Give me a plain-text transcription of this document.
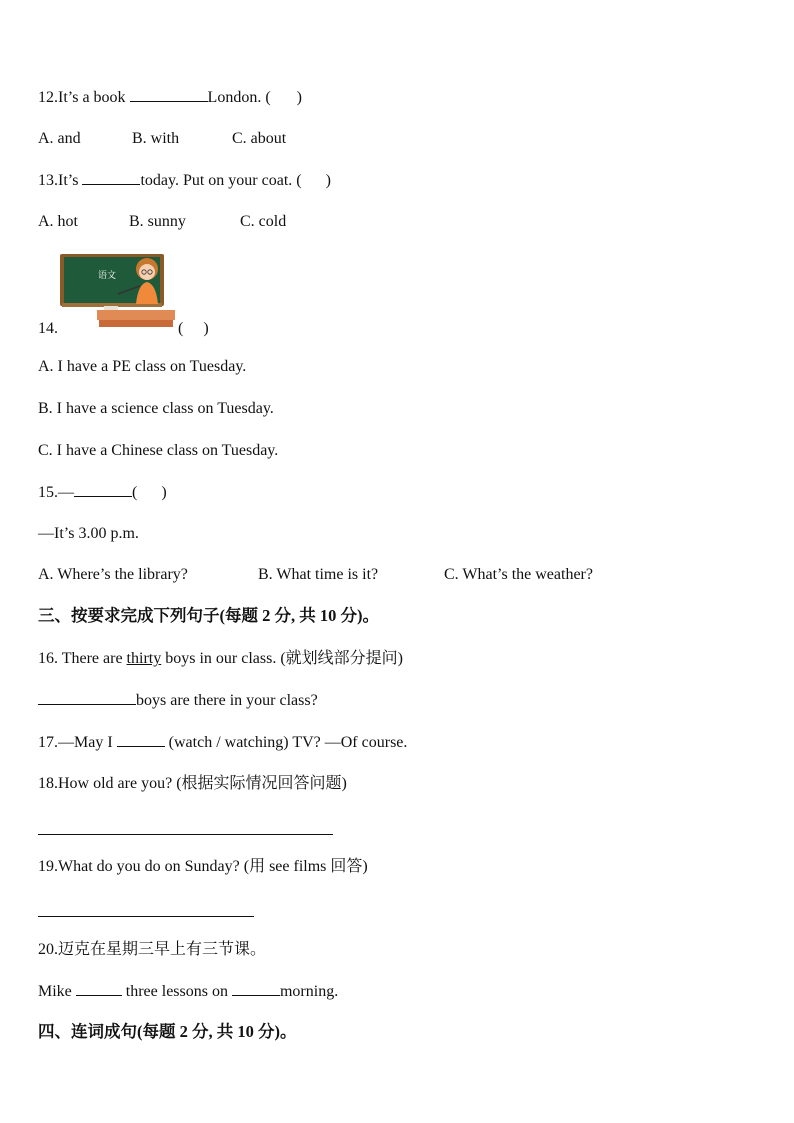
12.It’s a book	London. ( )
A. and	B. with	C. about
13.It’s	today. Put on your coat. ( )
A. hot	B. sunny	C. cold
语文
14.	( )
A. I have a PE class on Tuesday.
B. I have a science class on Tuesday.
C. I have a Chinese class on Tuesday.
15.—	( )
—It’s 3.00 p.m.
A. Where’s the library?	B. What time is it?	C. What’s the weather?
三、按要求完成下列句子(每题 2 分, 共 10 分)。
16. There are thirty boys in our class. (就划线部分提问)
boys are there in your class?
17.—May I	(watch / watching) TV? —Of course.
18.How old are you? (根据实际情况回答问题)
19.What do you do on Sunday? (用 see films 回答)
20.迈克在星期三早上有三节课。
Mike	three lessons on	morning.
四、连词成句(每题 2 分, 共 10 分)。
